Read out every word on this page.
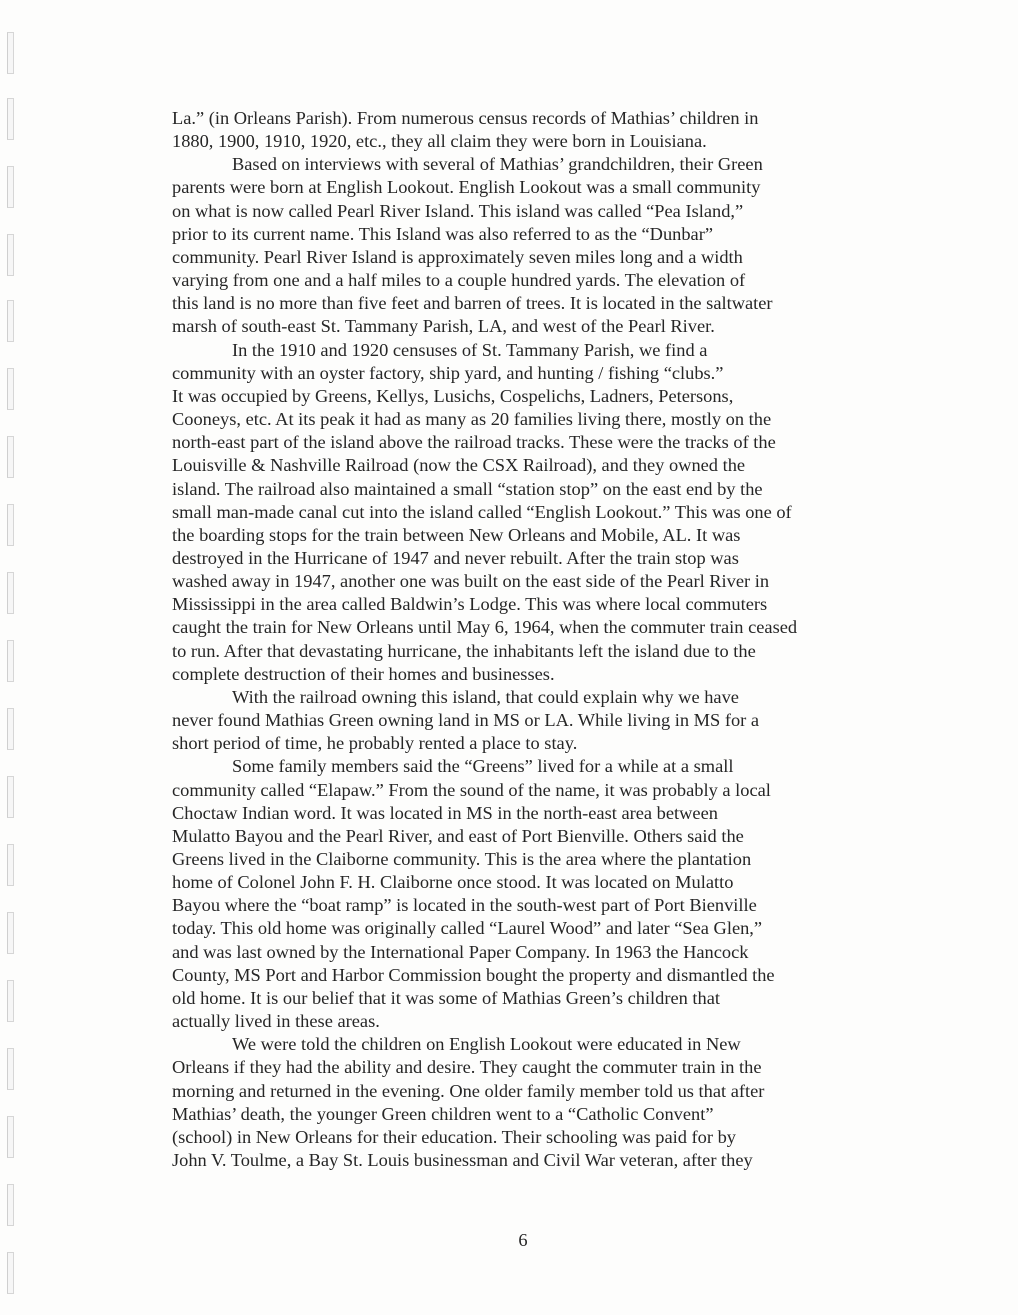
La.” (in Orleans Parish). From numerous census records of Mathias’ children in

1880, 1900, 1910, 1920, etc., they all claim they were born in Louisiana.

Based on interviews with several of Mathias’ grandchildren, their Green

parents were born at English Lookout. English Lookout was a small community

on what is now called Pearl River Island. This island was called “Pea Island,”

prior to its current name. This Island was also referred to as the “Dunbar”

community. Pearl River Island is approximately seven miles long and a width

varying from one and a half miles to a couple hundred yards. The elevation of

this land is no more than five feet and barren of trees. It is located in the saltwater

marsh of south-east St. Tammany Parish, LA, and west of the Pearl River.

In the 1910 and 1920 censuses of St. Tammany Parish, we find a

community with an oyster factory, ship yard, and hunting / fishing “clubs.”

It was occupied by Greens, Kellys, Lusichs, Cospelichs, Ladners, Petersons,

Cooneys, etc. At its peak it had as many as 20 families living there, mostly on the

north-east part of the island above the railroad tracks. These were the tracks of the

Louisville & Nashville Railroad (now the CSX Railroad), and they owned the

island. The railroad also maintained a small “station stop” on the east end by the

small man-made canal cut into the island called “English Lookout.” This was one of

the boarding stops for the train between New Orleans and Mobile, AL. It was

destroyed in the Hurricane of 1947 and never rebuilt. After the train stop was

washed away in 1947, another one was built on the east side of the Pearl River in

Mississippi in the area called Baldwin’s Lodge. This was where local commuters

caught the train for New Orleans until May 6, 1964, when the commuter train ceased

to run. After that devastating hurricane, the inhabitants left the island due to the

complete destruction of their homes and businesses.

With the railroad owning this island, that could explain why we have

never found Mathias Green owning land in MS or LA. While living in MS for a

short period of time, he probably rented a place to stay.

Some family members said the “Greens” lived for a while at a small

community called “Elapaw.” From the sound of the name, it was probably a local

Choctaw Indian word. It was located in MS in the north-east area between

Mulatto Bayou and the Pearl River, and east of Port Bienville. Others said the

Greens lived in the Claiborne community. This is the area where the plantation

home of Colonel John F. H. Claiborne once stood. It was located on Mulatto

Bayou where the “boat ramp” is located in the south-west part of Port Bienville

today. This old home was originally called “Laurel Wood” and later “Sea Glen,”

and was last owned by the International Paper Company. In 1963 the Hancock

County, MS Port and Harbor Commission bought the property and dismantled the

old home. It is our belief that it was some of Mathias Green’s children that

actually lived in these areas.

We were told the children on English Lookout were educated in New

Orleans if they had the ability and desire. They caught the commuter train in the

morning and returned in the evening. One older family member told us that after

Mathias’ death, the younger Green children went to a “Catholic Convent”

(school) in New Orleans for their education. Their schooling was paid for by

John V. Toulme, a Bay St. Louis businessman and Civil War veteran, after they

6
